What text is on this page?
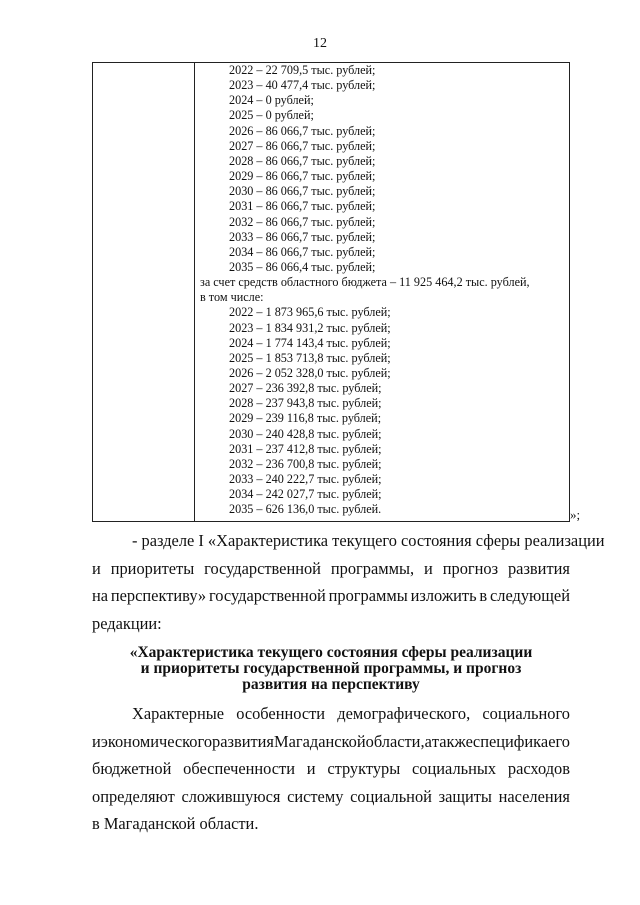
12
2022 – 22 709,5 тыс. рублей;
2023 – 40 477,4 тыс. рублей;
2024 – 0 рублей;
2025 – 0 рублей;
2026 – 86 066,7 тыс. рублей;
2027 – 86 066,7 тыс. рублей;
2028 – 86 066,7 тыс. рублей;
2029 – 86 066,7 тыс. рублей;
2030 – 86 066,7 тыс. рублей;
2031 – 86 066,7 тыс. рублей;
2032 – 86 066,7 тыс. рублей;
2033 – 86 066,7 тыс. рублей;
2034 – 86 066,7 тыс. рублей;
2035 – 86 066,4 тыс. рублей;
за счет средств областного бюджета – 11 925 464,2 тыс. рублей,
в том числе:
2022 – 1 873 965,6 тыс. рублей;
2023 – 1 834 931,2 тыс. рублей;
2024 – 1 774 143,4 тыс. рублей;
2025 – 1 853 713,8 тыс. рублей;
2026 – 2 052 328,0 тыс. рублей;
2027 – 236 392,8 тыс. рублей;
2028 – 237 943,8 тыс. рублей;
2029 – 239 116,8 тыс. рублей;
2030 – 240 428,8 тыс. рублей;
2031 – 237 412,8 тыс. рублей;
2032 – 236 700,8 тыс. рублей;
2033 – 240 222,7 тыс. рублей;
2034 – 242 027,7 тыс. рублей;
2035 – 626 136,0 тыс. рублей.	»;
- разделе I «Характеристика текущего состояния сферы реализации
и приоритеты государственной программы, и прогноз развития
на перспективу» государственной программы изложить в следующей
редакции:
«Характеристика текущего состояния сферы реализации
и приоритеты государственной программы, и прогноз
развития на перспективу
Характерные особенности демографического, социального
и экономического развития Магаданской области, а также специфика его
бюджетной обеспеченности и структуры социальных расходов
определяют сложившуюся систему социальной защиты населения
в Магаданской области.
